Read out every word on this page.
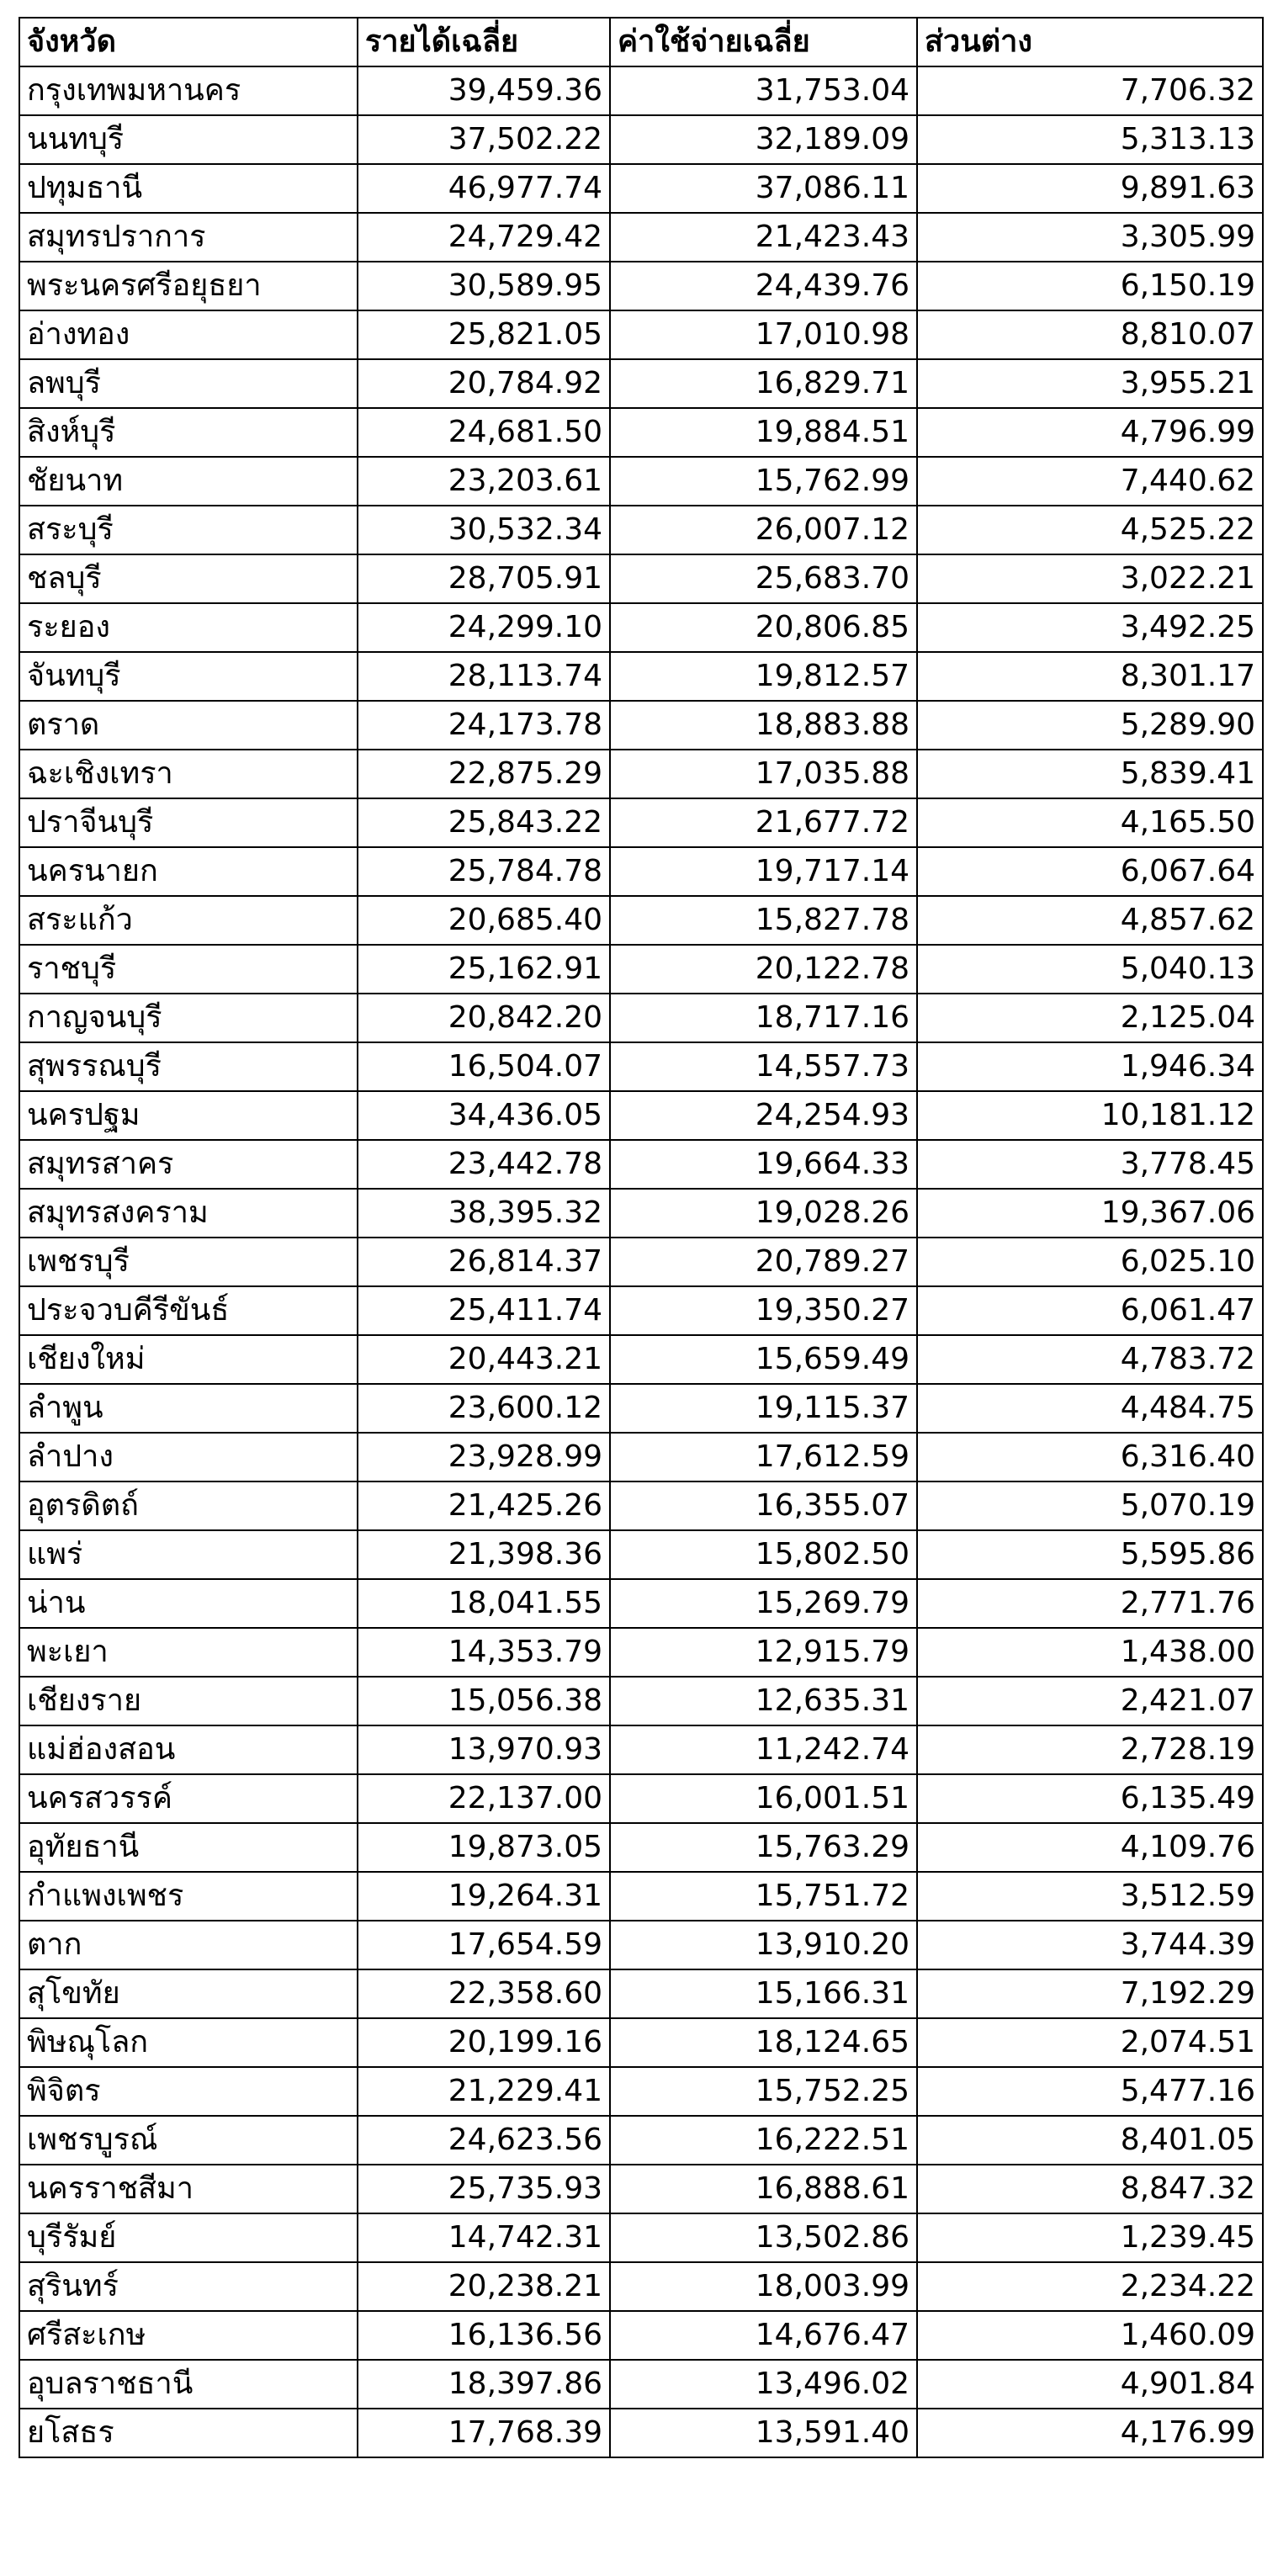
จังหวัด	รายได้เฉลี่ย	ค่าใช้จ่ายเฉลี่ย	ส่วนต่าง
กรุงเทพมหานคร	39,459.36	31,753.04	7,706.32
นนทบุรี	37,502.22	32,189.09	5,313.13
ปทุมธานี	46,977.74	37,086.11	9,891.63
สมุทรปราการ	24,729.42	21,423.43	3,305.99
พระนครศรีอยุธยา	30,589.95	24,439.76	6,150.19
อ่างทอง	25,821.05	17,010.98	8,810.07
ลพบุรี	20,784.92	16,829.71	3,955.21
สิงห์บุรี	24,681.50	19,884.51	4,796.99
ชัยนาท	23,203.61	15,762.99	7,440.62
สระบุรี	30,532.34	26,007.12	4,525.22
ชลบุรี	28,705.91	25,683.70	3,022.21
ระยอง	24,299.10	20,806.85	3,492.25
จันทบุรี	28,113.74	19,812.57	8,301.17
ตราด	24,173.78	18,883.88	5,289.90
ฉะเชิงเทรา	22,875.29	17,035.88	5,839.41
ปราจีนบุรี	25,843.22	21,677.72	4,165.50
นครนายก	25,784.78	19,717.14	6,067.64
สระแก้ว	20,685.40	15,827.78	4,857.62
ราชบุรี	25,162.91	20,122.78	5,040.13
กาญจนบุรี	20,842.20	18,717.16	2,125.04
สุพรรณบุรี	16,504.07	14,557.73	1,946.34
นครปฐม	34,436.05	24,254.93	10,181.12
สมุทรสาคร	23,442.78	19,664.33	3,778.45
สมุทรสงคราม	38,395.32	19,028.26	19,367.06
เพชรบุรี	26,814.37	20,789.27	6,025.10
ประจวบคีรีขันธ์	25,411.74	19,350.27	6,061.47
เชียงใหม่	20,443.21	15,659.49	4,783.72
ลำพูน	23,600.12	19,115.37	4,484.75
ลำปาง	23,928.99	17,612.59	6,316.40
อุตรดิตถ์	21,425.26	16,355.07	5,070.19
แพร่	21,398.36	15,802.50	5,595.86
น่าน	18,041.55	15,269.79	2,771.76
พะเยา	14,353.79	12,915.79	1,438.00
เชียงราย	15,056.38	12,635.31	2,421.07
แม่ฮ่องสอน	13,970.93	11,242.74	2,728.19
นครสวรรค์	22,137.00	16,001.51	6,135.49
อุทัยธานี	19,873.05	15,763.29	4,109.76
กำแพงเพชร	19,264.31	15,751.72	3,512.59
ตาก	17,654.59	13,910.20	3,744.39
สุโขทัย	22,358.60	15,166.31	7,192.29
พิษณุโลก	20,199.16	18,124.65	2,074.51
พิจิตร	21,229.41	15,752.25	5,477.16
เพชรบูรณ์	24,623.56	16,222.51	8,401.05
นครราชสีมา	25,735.93	16,888.61	8,847.32
บุรีรัมย์	14,742.31	13,502.86	1,239.45
สุรินทร์	20,238.21	18,003.99	2,234.22
ศรีสะเกษ	16,136.56	14,676.47	1,460.09
อุบลราชธานี	18,397.86	13,496.02	4,901.84
ยโสธร	17,768.39	13,591.40	4,176.99
